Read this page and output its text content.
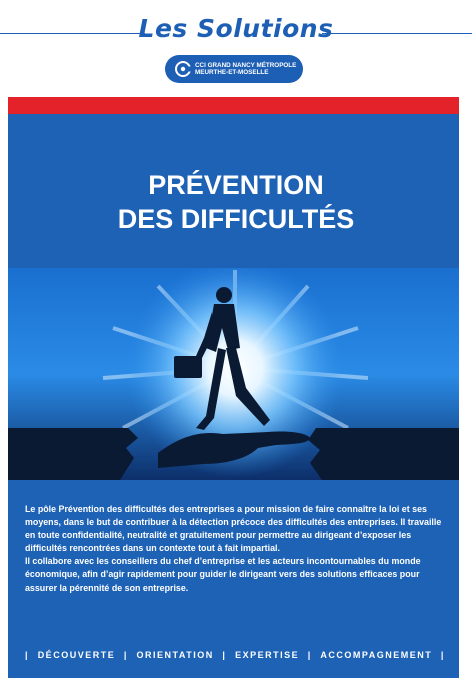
Les Solutions
CCI GRAND NANCY MÉTROPOLE
MEURTHE-ET-MOSELLE
PRÉVENTION
DES DIFFICULTÉS

Le pôle Prévention des difficultés des entreprises a pour mission de faire connaître la loi et ses moyens, dans le but de contribuer à la détection précoce des difficultés des entreprises. Il travaille en toute confidentialité, neutralité et gratuitement pour permettre au dirigeant d’exposer les difficultés rencontrées dans un contexte tout à fait impartial.

Il collabore avec les conseillers du chef d’entreprise et les acteurs incontournables du monde économique, afin d’agir rapidement pour guider le dirigeant vers des solutions efficaces pour assurer la pérennité de son entreprise.

| DÉCOUVERTE | ORIENTATION | EXPERTISE | ACCOMPAGNEMENT |
